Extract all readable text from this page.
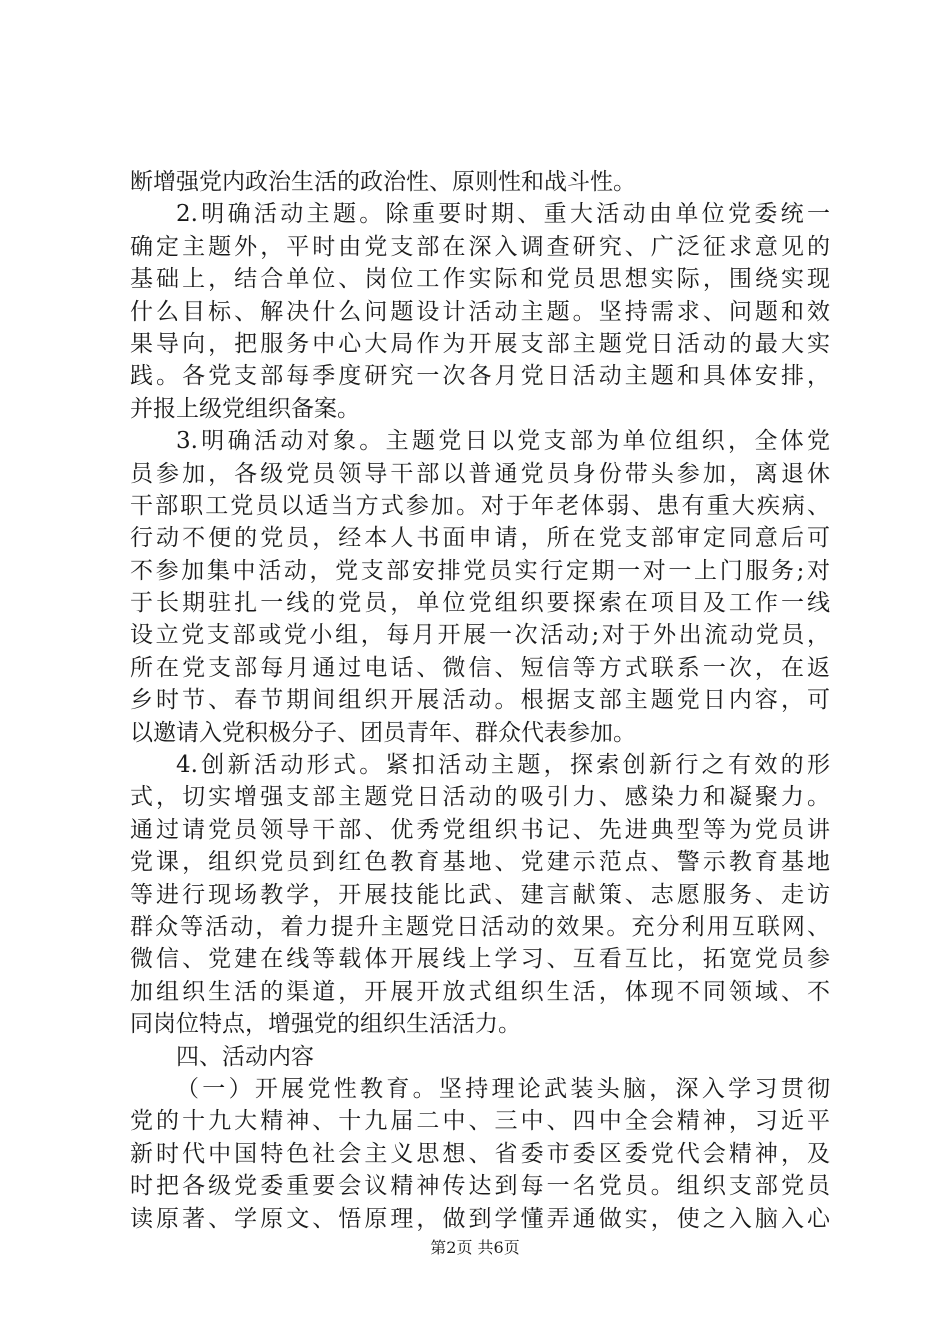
断增强党内政治生活的政治性、原则性和战斗性。
2.明确活动主题。除重要时期、重大活动由单位党委统一
确定主题外，平时由党支部在深入调查研究、广泛征求意见的
基础上，结合单位、岗位工作实际和党员思想实际，围绕实现
什么目标、解决什么问题设计活动主题。坚持需求、问题和效
果导向，把服务中心大局作为开展支部主题党日活动的最大实
践。各党支部每季度研究一次各月党日活动主题和具体安排，
并报上级党组织备案。
3.明确活动对象。主题党日以党支部为单位组织，全体党
员参加，各级党员领导干部以普通党员身份带头参加，离退休
干部职工党员以适当方式参加。对于年老体弱、患有重大疾病、
行动不便的党员，经本人书面申请，所在党支部审定同意后可
不参加集中活动，党支部安排党员实行定期一对一上门服务;对
于长期驻扎一线的党员，单位党组织要探索在项目及工作一线
设立党支部或党小组，每月开展一次活动;对于外出流动党员，
所在党支部每月通过电话、微信、短信等方式联系一次，在返
乡时节、春节期间组织开展活动。根据支部主题党日内容，可
以邀请入党积极分子、团员青年、群众代表参加。
4.创新活动形式。紧扣活动主题，探索创新行之有效的形
式，切实增强支部主题党日活动的吸引力、感染力和凝聚力。
通过请党员领导干部、优秀党组织书记、先进典型等为党员讲
党课，组织党员到红色教育基地、党建示范点、警示教育基地
等进行现场教学，开展技能比武、建言献策、志愿服务、走访
群众等活动，着力提升主题党日活动的效果。充分利用互联网、
微信、党建在线等载体开展线上学习、互看互比，拓宽党员参
加组织生活的渠道，开展开放式组织生活，体现不同领域、不
同岗位特点，增强党的组织生活活力。
四、活动内容
（一）开展党性教育。坚持理论武装头脑，深入学习贯彻
党的十九大精神、十九届二中、三中、四中全会精神，习近平
新时代中国特色社会主义思想、省委市委区委党代会精神，及
时把各级党委重要会议精神传达到每一名党员。组织支部党员
读原著、学原文、悟原理，做到学懂弄通做实，使之入脑入心
第2页 共6页
